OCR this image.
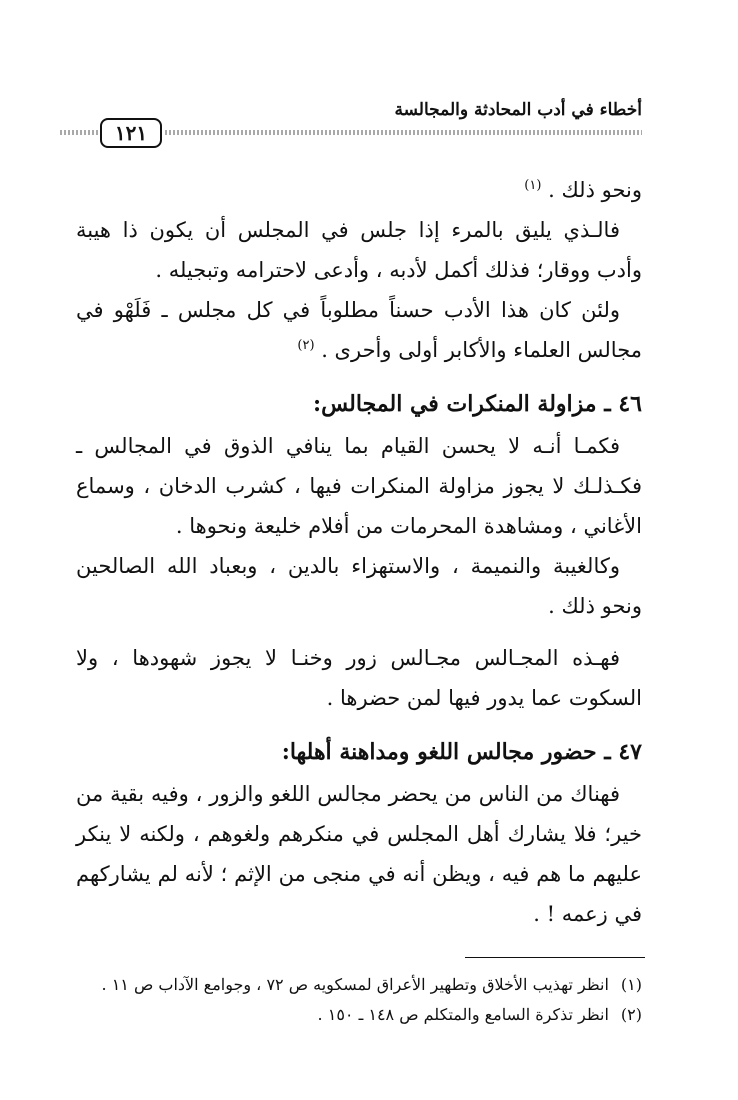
أخطاء في أدب المحادثة والمجالسة
١٢١

ونحو ذلك . $^{(١)}$

فالـذي يليق بالمرء إذا جلس في المجلس أن يكون ذا هيبة وأدب ووقار؛ فذلك أكمل لأدبه ، وأدعى لاحترامه وتبجيله .

ولئن كان هذا الأدب حسناً مطلوباً في كل مجلس ـ فَلَهْو في مجالس العلماء والأكابر أولى وأحرى . $^{(٢)}$

٤٦ ـ مزاولة المنكرات في المجالس:

فكمـا أنـه لا يحسن القيام بما ينافي الذوق في المجالس ـ فكـذلـك لا يجوز مزاولة المنكرات فيها ، كشرب الدخان ، وسماع الأغاني ، ومشاهدة المحرمات من أفلام خليعة ونحوها .

وكالغيبة والنميمة ، والاستهزاء بالدين ، وبعباد الله الصالحين ونحو ذلك .

فهـذه المجـالس مجـالس زور وخنـا لا يجوز شهودها ، ولا السكوت عما يدور فيها لمن حضرها .

٤٧ ـ حضور مجالس اللغو ومداهنة أهلها:

فهناك من الناس من يحضر مجالس اللغو والزور ، وفيه بقية من خير؛ فلا يشارك أهل المجلس في منكرهم ولغوهم ، ولكنه لا ينكر عليهم ما هم فيه ، ويظن أنه في منجى من الإثم ؛ لأنه لم يشاركهم في زعمه ! .

(١) انظر تهذيب الأخلاق وتطهير الأعراق لمسكويه ص ٧٢ ، وجوامع الآداب ص ١١ .

(٢) انظر تذكرة السامع والمتكلم ص ١٤٨ ـ ١٥٠ .
